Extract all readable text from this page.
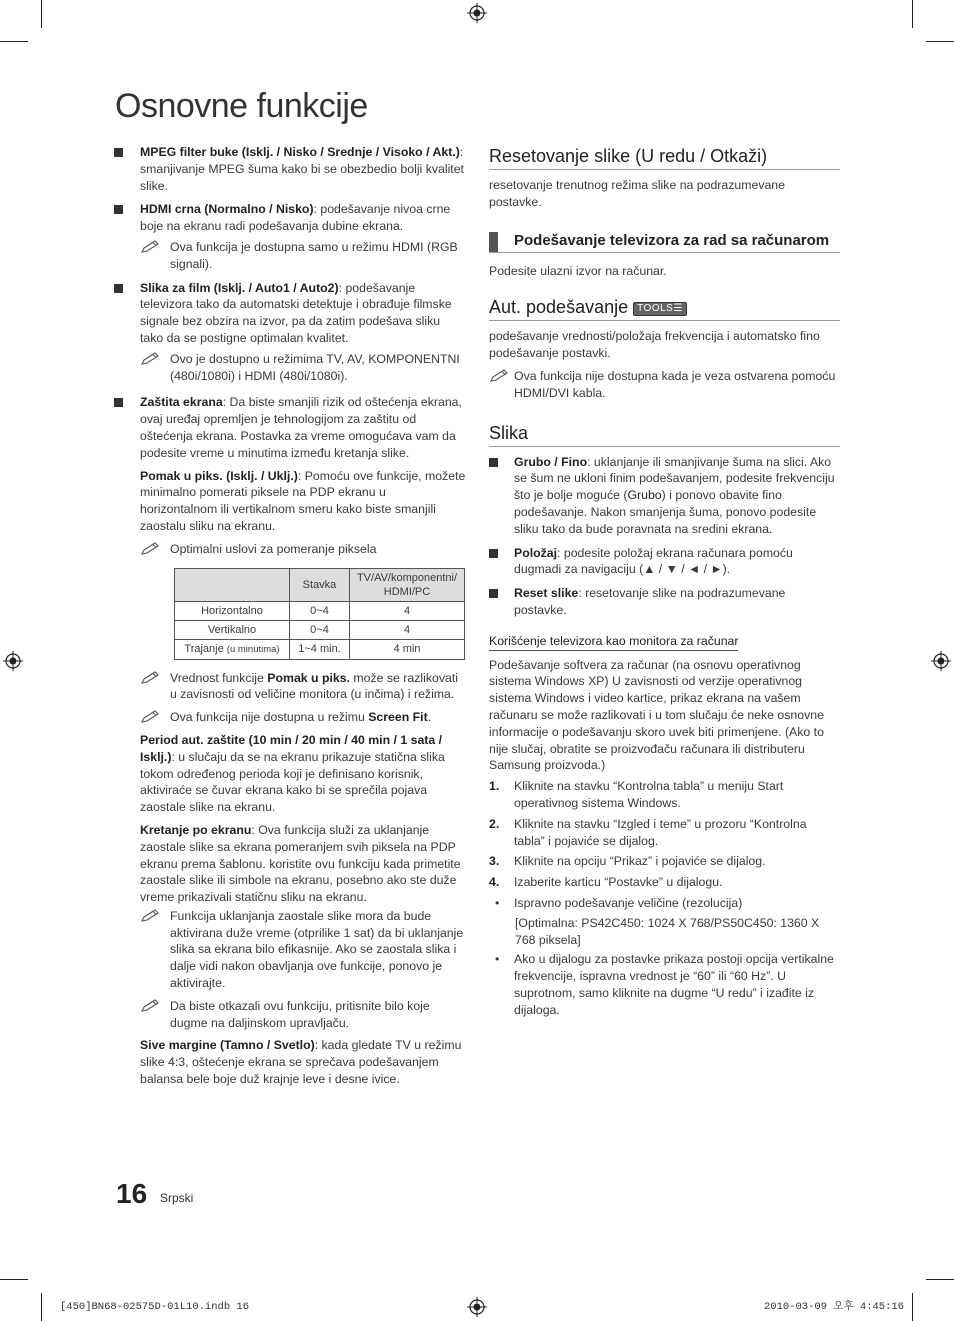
Osnovne funkcije
MPEG filter buke (Isklj. / Nisko / Srednje / Visoko / Akt.): smanjivanje MPEG šuma kako bi se obezbedio bolji kvalitet slike.
HDMI crna (Normalno / Nisko): podešavanje nivoa crne boje na ekranu radi podešavanja dubine ekrana.
Ova funkcija je dostupna samo u režimu HDMI (RGB signali).
Slika za film (Isklj. / Auto1 / Auto2): podešavanje televizora tako da automatski detektuje i obrađuje filmske signale bez obzira na izvor, pa da zatim podešava sliku tako da se postigne optimalan kvalitet.
Ovo je dostupno u režimima TV, AV, KOMPONENTNI (480i/1080i) i HDMI (480i/1080i).
Zaštita ekrana: Da biste smanjili rizik od oštećenja ekrana, ovaj uređaj opremljen je tehnologijom za zaštitu od oštećenja ekrana. Postavka za vreme omogućava vam da podesite vreme u minutima između kretanja slike.
Pomak u piks. (Isklj. / Uklj.): Pomoću ove funkcije, možete minimalno pomerati piksele na PDP ekranu u horizontalnom ili vertikalnom smeru kako biste smanjili zaostalu sliku na ekranu.
Optimalni uslovi za pomeranje piksela
	Stavka	TV/AV/komponentni/ HDMI/PC
Horizontalno	0~4	4
Vertikalno	0~4	4
Trajanje (u minutima)	1~4 min.	4 min
Vrednost funkcije Pomak u piks. može se razlikovati u zavisnosti od veličine monitora (u inčima) i režima.
Ova funkcija nije dostupna u režimu Screen Fit.
Period aut. zaštite (10 min / 20 min / 40 min / 1 sata / Isklj.): u slučaju da se na ekranu prikazuje statična slika tokom određenog perioda koji je definisano korisnik, aktiviraće se čuvar ekrana kako bi se sprečila pojava zaostale slike na ekranu.
Kretanje po ekranu: Ova funkcija služi za uklanjanje zaostale slike sa ekrana pomeranjem svih piksela na PDP ekranu prema šablonu. koristite ovu funkciju kada primetite zaostale slike ili simbole na ekranu, posebno ako ste duže vreme prikazivali statičnu sliku na ekranu.
Funkcija uklanjanja zaostale slike mora da bude aktivirana duže vreme (otprilike 1 sat) da bi uklanjanje slika sa ekrana bilo efikasnije. Ako se zaostala slika i dalje vidi nakon obavljanja ove funkcije, ponovo je aktivirajte.
Da biste otkazali ovu funkciju, pritisnite bilo koje dugme na daljinskom upravljaču.
Sive margine (Tamno / Svetlo): kada gledate TV u režimu slike 4:3, oštećenje ekrana se sprečava podešavanjem balansa bele boje duž krajnje leve i desne ivice.
Resetovanje slike (U redu / Otkaži)

resetovanje trenutnog režima slike na podrazumevane postavke.

Podešavanje televizora za rad sa računarom

Podesite ulazni izvor na računar.

Aut. podešavanje TOOLS☰

podešavanje vrednosti/položaja frekvencija i automatsko fino podešavanje postavki.

Ova funkcija nije dostupna kada je veza ostvarena pomoću HDMI/DVI kabla.
Slika
Grubo / Fino: uklanjanje ili smanjivanje šuma na slici. Ako se šum ne ukloni finim podešavanjem, podesite frekvenciju što je bolje moguće (Grubo) i ponovo obavite fino podešavanje. Nakon smanjenja šuma, ponovo podesite sliku tako da bude poravnata na sredini ekrana.
Položaj: podesite položaj ekrana računara pomoću dugmadi za navigaciju (▲ / ▼ / ◄ / ►).
Reset slike: resetovanje slike na podrazumevane postavke.
Korišćenje televizora kao monitora za računar

Podešavanje softvera za računar (na osnovu operativnog sistema Windows XP) U zavisnosti od verzije operativnog sistema Windows i video kartice, prikaz ekrana na vašem računaru se može razlikovati i u tom slučaju će neke osnovne informacije o podešavanju skoro uvek biti primenjene. (Ako to nije slučaj, obratite se proizvođaču računara ili distributeru Samsung proizvoda.)

1. Kliknite na stavku “Kontrolna tabla” u meniju Start operativnog sistema Windows.
2. Kliknite na stavku “Izgled i teme” u prozoru “Kontrolna tabla” i pojaviće se dijalog.
3. Kliknite na opciju “Prikaz” i pojaviće se dijalog.
4. Izaberite karticu “Postavke” u dijalogu.
• Ispravno podešavanje veličine (rezolucija)

[Optimalna: PS42C450: 1024 X 768/PS50C450: 1360 X 768 piksela]

• Ako u dijalogu za postavke prikaza postoji opcija vertikalne frekvencije, ispravna vrednost je “60” ili “60 Hz”. U suprotnom, samo kliknite na dugme “U redu” i izađite iz dijaloga.
16 Srpski
[450]BN68-02575D-01L10.indb 16	2010-03-09 오후 4:45:16
